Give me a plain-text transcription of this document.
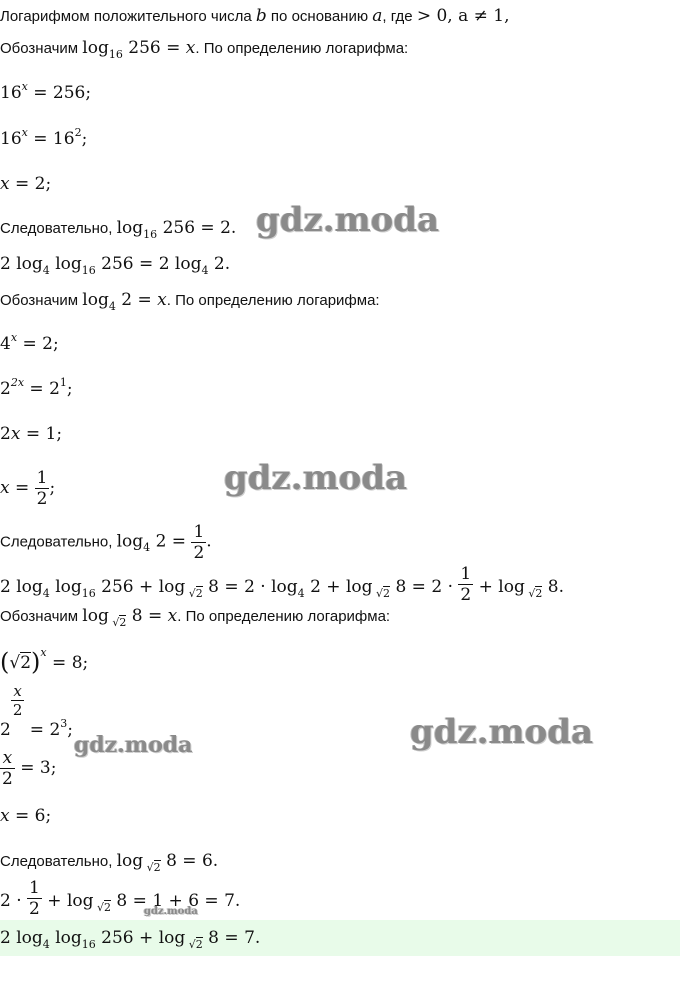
Логарифмом положительного числа b по основанию a, где > 0, a ≠ 1,
Обозначим $\log_{16} 256 = x$. По определению логарифма:
$16^x = 256$;
$16^x = 16^2$;
x = 2;
Следовательно, $\log_{16} 256 = 2$. gdz.moda
2 $\log_4 \log_{16} 256 = 2$ $\log_4 2$.
Обозначим $\log_4 2 = x$. По определению логарифма:
$4^x = 2$;
$2^{2x} = 2^1$;
2x = 1;
$x = \frac{1}{2}$ ;	gdz.moda
Следовательно, $\log_4 2 = \frac{1}{2}$ .
2 $\log_4 \log_{16} 256 + \log _{√2}$ $8 = 2 \cdot \log_4 2 + \log _{√2}$ $8 = 2 \cdot \frac{1}{2} + \log _{√2}$ 8.
Обозначим log $_{√2}$ 8 = x. По определению логарифма:
$(√2)^x = 8$;
2
$\frac{x}{2}$
= $2^3$;
gdz.moda	gdz.moda
$\frac{x}{2} = 3$;
x = 6;
Следовательно, log $_{√2}$ 8 = 6.
$2 \cdot \frac{1}{2} + \log _{√2}$ 8 = 1 + 6 = 7.
gdz.moda
2 $\log_4 \log_{16} 256 + \log _{√2}$ 8 = 7.
